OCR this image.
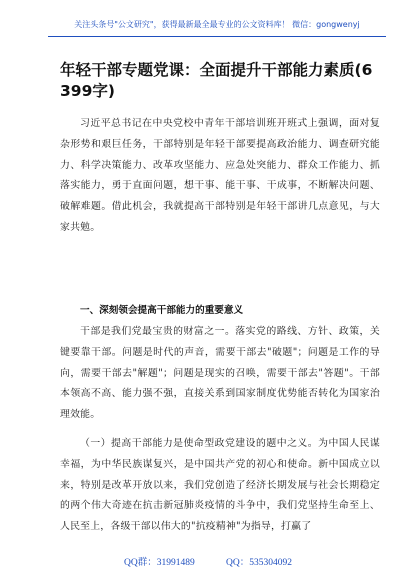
关注头条号"公文研究"，获得最新最全最专业的公文资料库！ 微信：gongwenyj
年轻干部专题党课：全面提升干部能力素质(6399字)
习近平总书记在中央党校中青年干部培训班开班式上强调，面对复杂形势和艰巨任务，干部特别是年轻干部要提高政治能力、调查研究能力、科学决策能力、改革攻坚能力、应急处突能力、群众工作能力、抓落实能力，勇于直面问题，想干事、能干事、干成事，不断解决问题、破解难题。借此机会，我就提高干部特别是年轻干部讲几点意见，与大家共勉。
一、深刻领会提高干部能力的重要意义
干部是我们党最宝贵的财富之一。落实党的路线、方针、政策，关键要靠干部。问题是时代的声音，需要干部去"破题"；问题是工作的导向，需要干部去"解题"；问题是现实的召唤，需要干部去"答题"。干部本领高不高、能力强不强，直接关系到国家制度优势能否转化为国家治理效能。
（一）提高干部能力是使命型政党建设的题中之义。为中国人民谋幸福，为中华民族谋复兴，是中国共产党的初心和使命。新中国成立以来，特别是改革开放以来，我们党创造了经济长期发展与社会长期稳定的两个伟大奇迹在抗击新冠肺炎疫情的斗争中，我们党坚持生命至上、人民至上，各级干部以伟大的"抗疫精神"为指导，打赢了
QQ群：31991489	QQ：535304092
